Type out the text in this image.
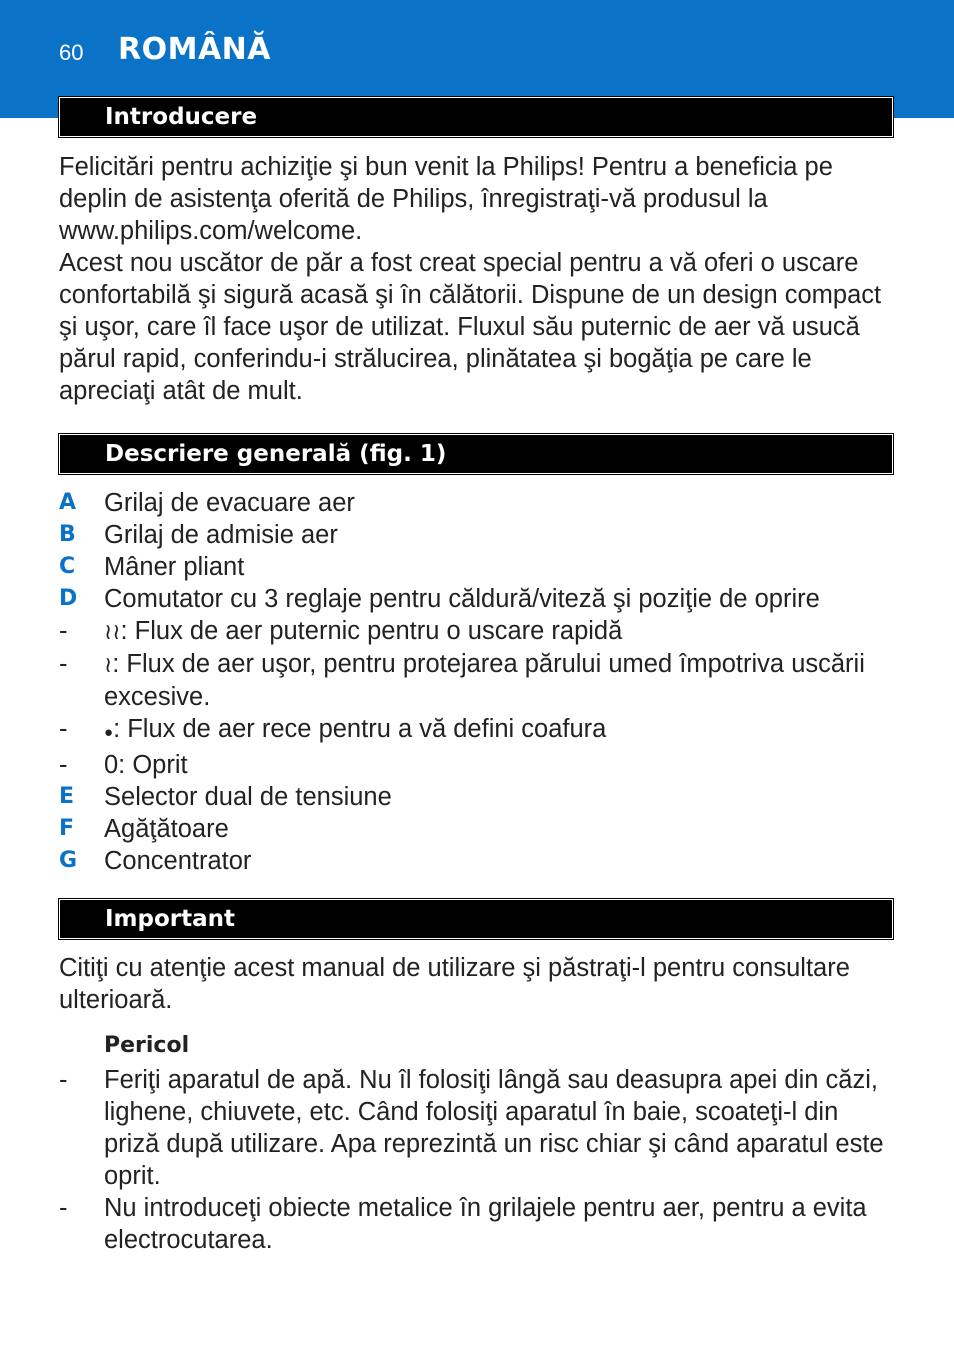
60 ROMÂNĂ
Introducere

Felicitări pentru achiziţie şi bun venit la Philips! Pentru a beneficia pe deplin de asistenţa oferită de Philips, înregistraţi-vă produsul la www.philips.com/welcome.

Acest nou uscător de păr a fost creat special pentru a vă oferi o uscare confortabilă şi sigură acasă şi în călătorii. Dispune de un design compact şi uşor, care îl face uşor de utilizat. Fluxul său puternic de aer vă usucă părul rapid, conferindu-i strălucirea, plinătatea şi bogăţia pe care le apreciaţi atât de mult.

Descriere generală (fig. 1)
A Grilaj de evacuare aer
B Grilaj de admisie aer
C Mâner pliant
D Comutator cu 3 reglaje pentru căldură/viteză şi poziţie de oprire
- ≀≀: Flux de aer puternic pentru o uscare rapidă
- ≀: Flux de aer uşor, pentru protejarea părului umed împotriva uscării excesive.
- ●: Flux de aer rece pentru a vă defini coafura
- 0: Oprit
E Selector dual de tensiune
F Agăţătoare
G Concentrator
Important

Citiţi cu atenţie acest manual de utilizare şi păstraţi-l pentru consultare ulterioară.

Pericol
- Feriţi aparatul de apă. Nu îl folosiţi lângă sau deasupra apei din căzi, lighene, chiuvete, etc. Când folosiţi aparatul în baie, scoateţi-l din priză după utilizare. Apa reprezintă un risc chiar şi când aparatul este oprit.
- Nu introduceţi obiecte metalice în grilajele pentru aer, pentru a evita electrocutarea.
